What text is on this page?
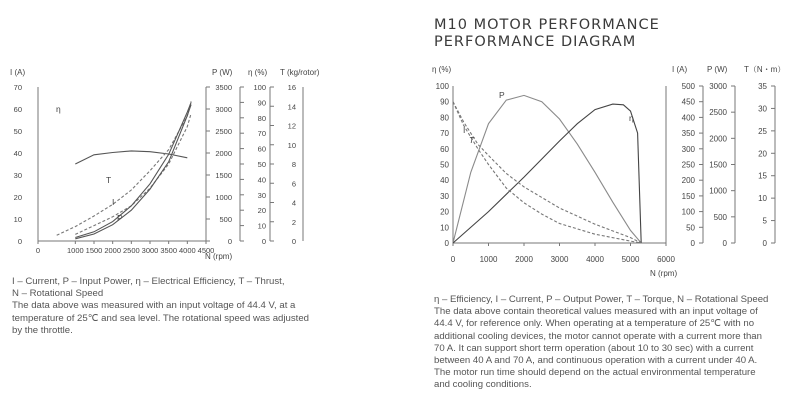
0	1000 1500 2000 2500 3000 3500 4000 4500
0
10
20
30
40
50
60
70
0
500
1000
1500
2000
2500
3000
3500
0
10
20
30
40
50
60
70
80
90
100
0
2
4
6
8
10
12
14
16
η
T
I
P
N (rpm)
I (A)	P (W) η (%) T (kg/rotor)

M10 MOTOR PERFORMANCE

PERFORMANCE DIAGRAM

0	1000 2000 3000 4000 5000 6000
0
10
20
30
40
50
60
70
80
90
100
0
50
100
150
200
250
300
350
400
450
500
0
500
1000
1500
2000
2500
3000
0
5
10
15
20
25
30
35
P
η
T
I
N (rpm)
η (%)	I (A) P (W) T（N・m）
I – Current, P – Input Power, η – Electrical Efficiency, T – Thrust,
N – Rotational Speed
The data above was measured with an input voltage of 44.4 V, at a
temperature of 25℃ and sea level. The rotational speed was adjusted
by the throttle.
η – Efficiency, I – Current, P – Output Power, T – Torque, N – Rotational Speed
The data above contain theoretical values measured with an input voltage of
44.4 V, for reference only. When operating at a temperature of 25℃ with no
additional cooling devices, the motor cannot operate with a current more than
70 A. It can support short term operation (about 10 to 30 sec) with a current
between 40 A and 70 A, and continuous operation with a current under 40 A.
The motor run time should depend on the actual environmental temperature
and cooling conditions.
